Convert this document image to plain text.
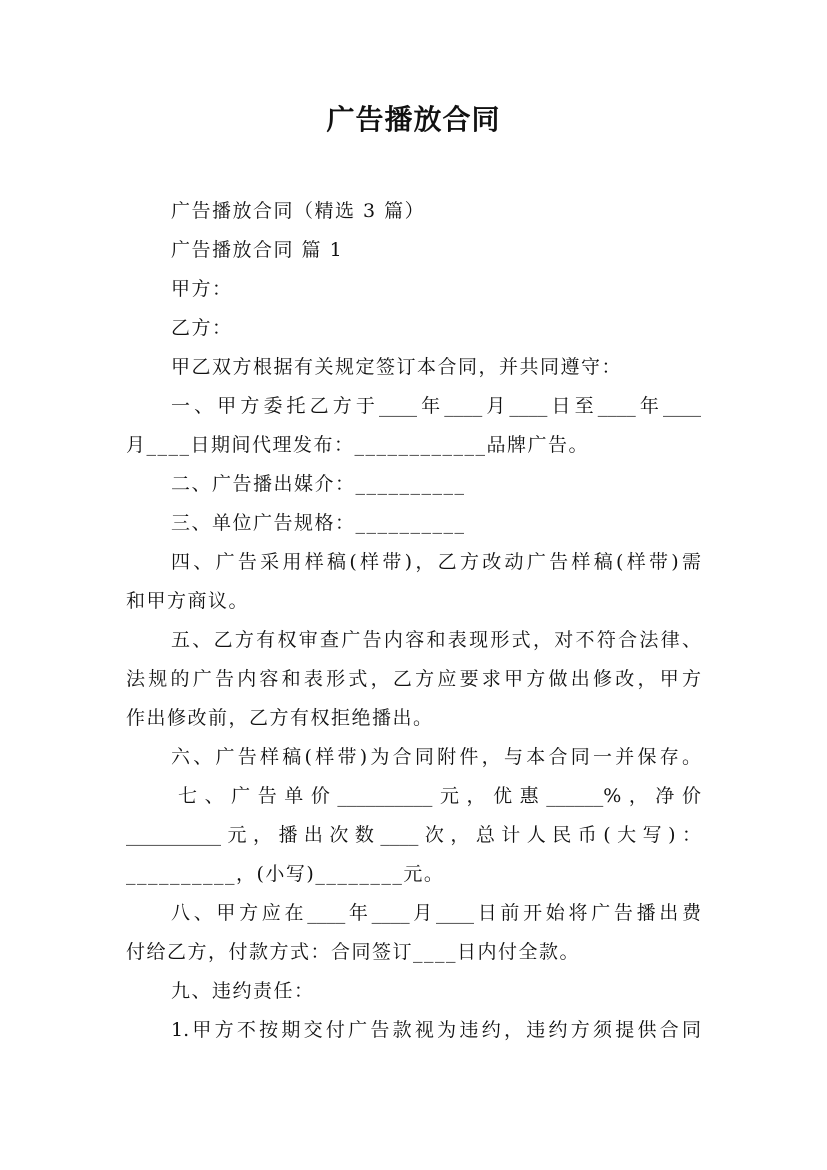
广告播放合同
广告播放合同（精选 3 篇）
广告播放合同 篇 1
甲方：
乙方：
甲乙双方根据有关规定签订本合同，并共同遵守：
一、甲方委托乙方于____年____月____日至____年____
月____日期间代理发布：____________品牌广告。
二、广告播出媒介：__________
三、单位广告规格：__________
四、广告采用样稿(样带)，乙方改动广告样稿(样带)需
和甲方商议。
五、乙方有权审查广告内容和表现形式，对不符合法律、
法规的广告内容和表形式，乙方应要求甲方做出修改，甲方
作出修改前，乙方有权拒绝播出。
六、广告样稿(样带)为合同附件，与本合同一并保存。
七、广告单价__________元，优惠______%，净价
__________元，播出次数____次，总计人民币(大写)：
__________，(小写)________元。
八、甲方应在____年____月____日前开始将广告播出费
付给乙方，付款方式：合同签订____日内付全款。
九、违约责任：
1.甲方不按期交付广告款视为违约，违约方须提供合同
